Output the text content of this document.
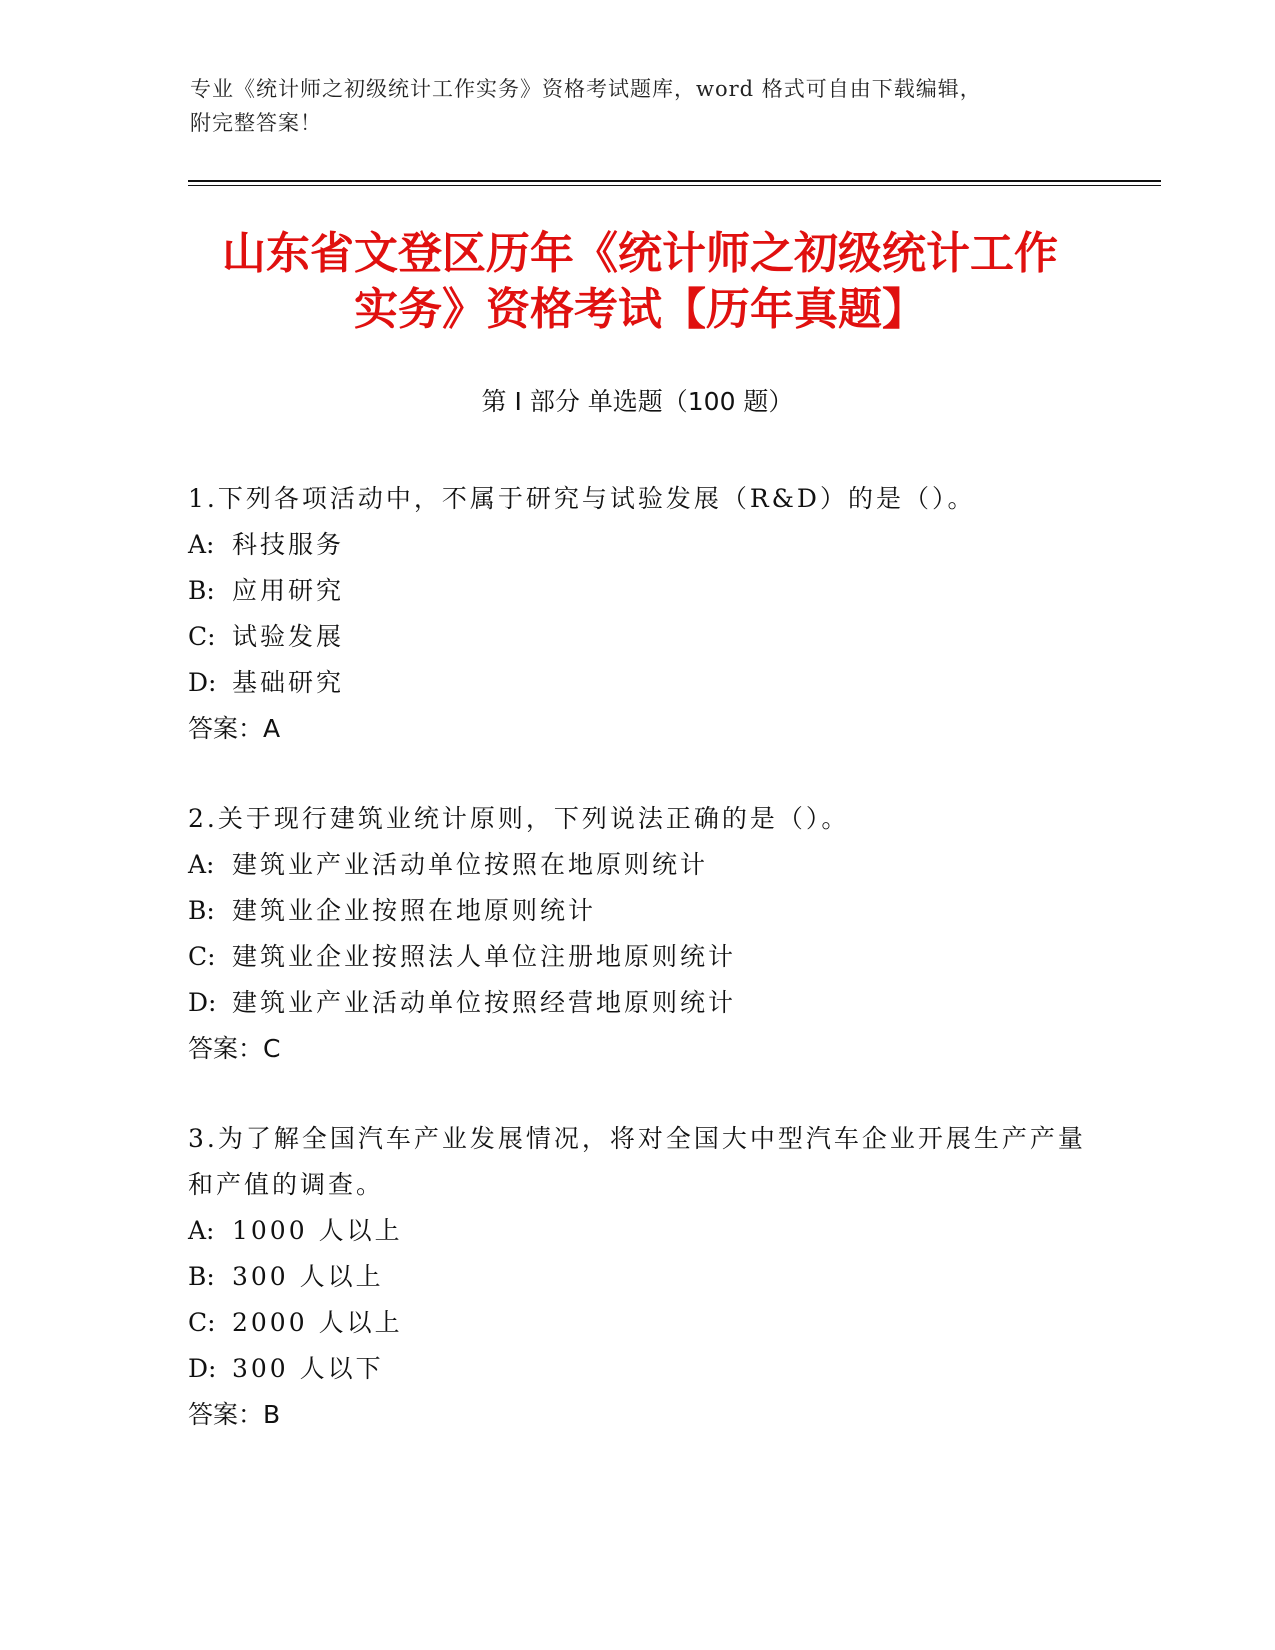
专业《统计师之初级统计工作实务》资格考试题库，word 格式可自由下载编辑，
附完整答案！
山东省文登区历年《统计师之初级统计工作
实务》资格考试【历年真题】
第 I 部分 单选题（100 题）
1.下列各项活动中，不属于研究与试验发展（R&D）的是（）。
A: 科技服务
B: 应用研究
C: 试验发展
D: 基础研究
答案：A
2.关于现行建筑业统计原则，下列说法正确的是（）。
A: 建筑业产业活动单位按照在地原则统计
B: 建筑业企业按照在地原则统计
C: 建筑业企业按照法人单位注册地原则统计
D: 建筑业产业活动单位按照经营地原则统计
答案：C
3.为了解全国汽车产业发展情况，将对全国大中型汽车企业开展生产产量和产值的调查。
A: 1000 人以上
B: 300 人以上
C: 2000 人以上
D: 300 人以下
答案：B
